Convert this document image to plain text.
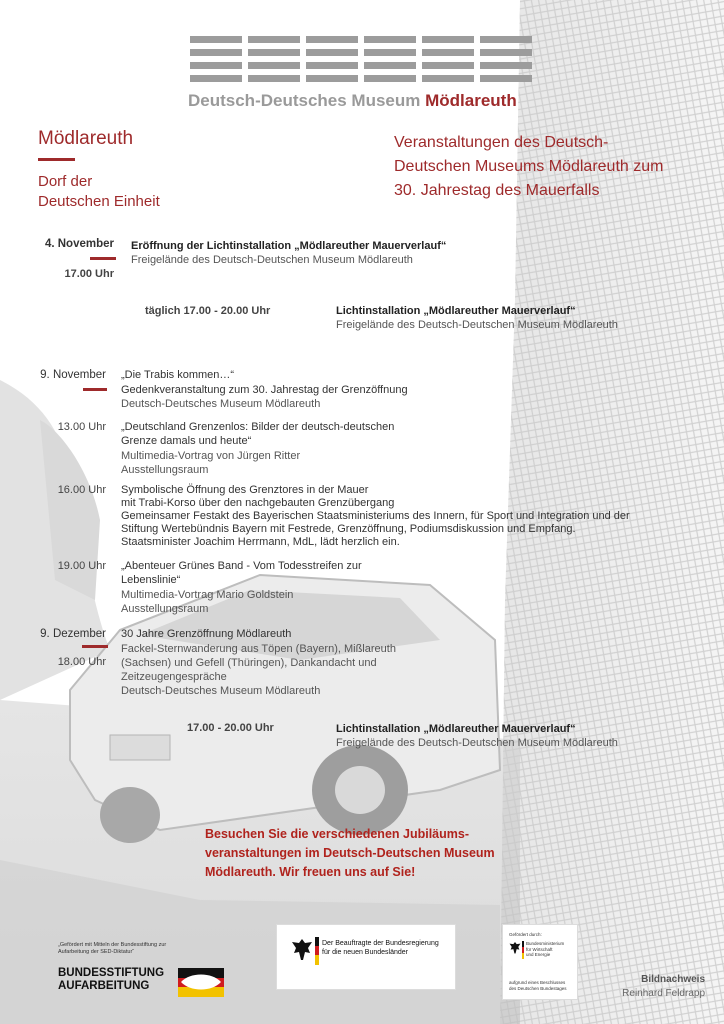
Deutsch-Deutsches Museum Mödlareuth
Mödlareuth
Dorf der
Deutschen Einheit
Veranstaltungen des Deutsch-
Deutschen Museums Mödlareuth zum
30. Jahrestag des Mauerfalls
4. November
17.00 Uhr
Eröffnung der Lichtinstallation „Mödlareuther Mauerverlauf“
Freigelände des Deutsch-Deutschen Museum Mödlareuth
täglich 17.00 - 20.00 Uhr	Lichtinstallation „Mödlareuther Mauerverlauf“
Freigelände des Deutsch-Deutschen Museum Mödlareuth
9. November „Die Trabis kommen…“
Gedenkveranstaltung zum 30. Jahrestag der Grenzöffnung
Deutsch-Deutsches Museum Mödlareuth
13.00 Uhr „Deutschland Grenzenlos: Bilder der deutsch-deutschen
Grenze damals und heute“
Multimedia-Vortrag von Jürgen Ritter
Ausstellungsraum
16.00 Uhr Symbolische Öffnung des Grenztores in der Mauer
mit Trabi-Korso über den nachgebauten Grenzübergang
Gemeinsamer Festakt des Bayerischen Staatsministeriums des Innern, für Sport und Integration und der
Stiftung Wertebündnis Bayern mit Festrede, Grenzöffnung, Podiumsdiskussion und Empfang.
Staatsminister Joachim Herrmann, MdL, lädt herzlich ein.
19.00 Uhr „Abenteuer Grünes Band - Vom Todesstreifen zur
Lebenslinie“
Multimedia-Vortrag Mario Goldstein
Ausstellungsraum
9. Dezember
18.00 Uhr
30 Jahre Grenzöffnung Mödlareuth
Fackel-Sternwanderung aus Töpen (Bayern), Mißlareuth
(Sachsen) und Gefell (Thüringen), Dankandacht und
Zeitzeugengespräche
Deutsch-Deutsches Museum Mödlareuth
17.00 - 20.00 Uhr	Lichtinstallation „Mödlareuther Mauerverlauf“
Freigelände des Deutsch-Deutschen Museum Mödlareuth
Besuchen Sie die verschiedenen Jubiläums-
veranstaltungen im Deutsch-Deutschen Museum
Mödlareuth. Wir freuen uns auf Sie!
„Gefördert mit Mitteln der Bundesstiftung zur
Aufarbeitung der SED-Diktatur“
BUNDESSTIFTUNG
AUFARBEITUNG
Der Beauftragte der Bundesregierung
für die neuen Bundesländer
Gefördert durch:
Bundesministerium
für Wirtschaft
und Energie
aufgrund eines Beschlusses
des Deutschen Bundestages
Bildnachweis
Reinhard Feldrapp
